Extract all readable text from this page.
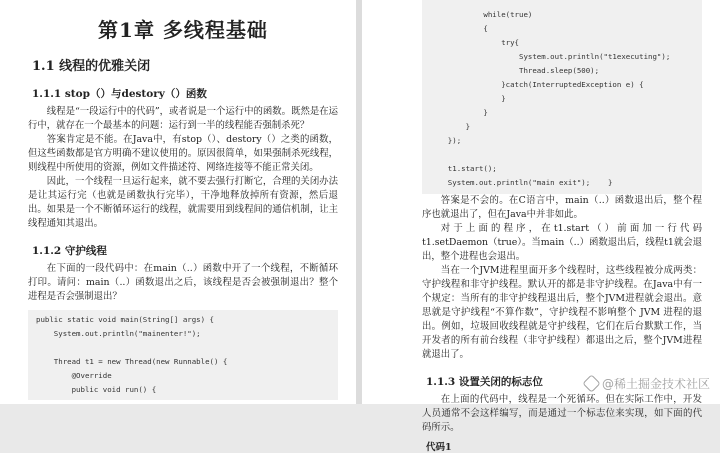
第1章 多线程基础
1.1 线程的优雅关闭
1.1.1 stop（）与destory（）函数

线程是“一段运行中的代码”，或者说是一个运行中的函数。既然是在运行中，就存在一个最基本的问题：运行到一半的线程能否强制杀死？

答案肯定是不能。在Java中，有stop（）、destory（）之类的函数，但这些函数都是官方明确不建议使用的。原因很简单，如果强制杀死线程，则线程中所使用的资源，例如文件描述符、网络连接等不能正常关闭。

因此，一个线程一旦运行起来，就不要去强行打断它，合理的关闭办法是让其运行完（也就是函数执行完毕），干净地释放掉所有资源，然后退出。如果是一个不断循环运行的线程，就需要用到线程间的通信机制，让主线程通知其退出。

1.1.2 守护线程

在下面的一段代码中：在main（..）函数中开了一个线程，不断循环打印。请问：main（..）函数退出之后，该线程是否会被强制退出？整个进程是否会强制退出？

public static void main(String[] args) {
System.out.println("mainenter!");

Thread t1 = new Thread(new Runnable() {
@Override
public void run() {
while(true)
{
try{
System.out.println("t1executing");
Thread.sleep(500);
}catch(InterruptedException e) {
}
}
}
});

t1.start();
System.out.println("main exit");    }

答案是不会的。在C语言中，main（..）函数退出后，整个程序也就退出了，但在Java中并非如此。

对于上面的程序，在t1.start（）前面加一行代码t1.setDaemon（true）。当main（..）函数退出后，线程t1就会退出，整个进程也会退出。

当在一个JVM进程里面开多个线程时，这些线程被分成两类：守护线程和非守护线程。默认开的都是非守护线程。在Java中有一个规定：当所有的非守护线程退出后，整个JVM进程就会退出。意思就是守护线程“不算作数”，守护线程不影响整个 JVM 进程的退出。例如，垃圾回收线程就是守护线程，它们在后台默默工作，当开发者的所有前台线程（非守护线程）都退出之后，整个JVM进程就退出了。

1.1.3 设置关闭的标志位

在上面的代码中，线程是一个死循环。但在实际工作中，开发人员通常不会这样编写，而是通过一个标志位来实现，如下面的代码所示。

代码1
@稀土掘金技术社区
